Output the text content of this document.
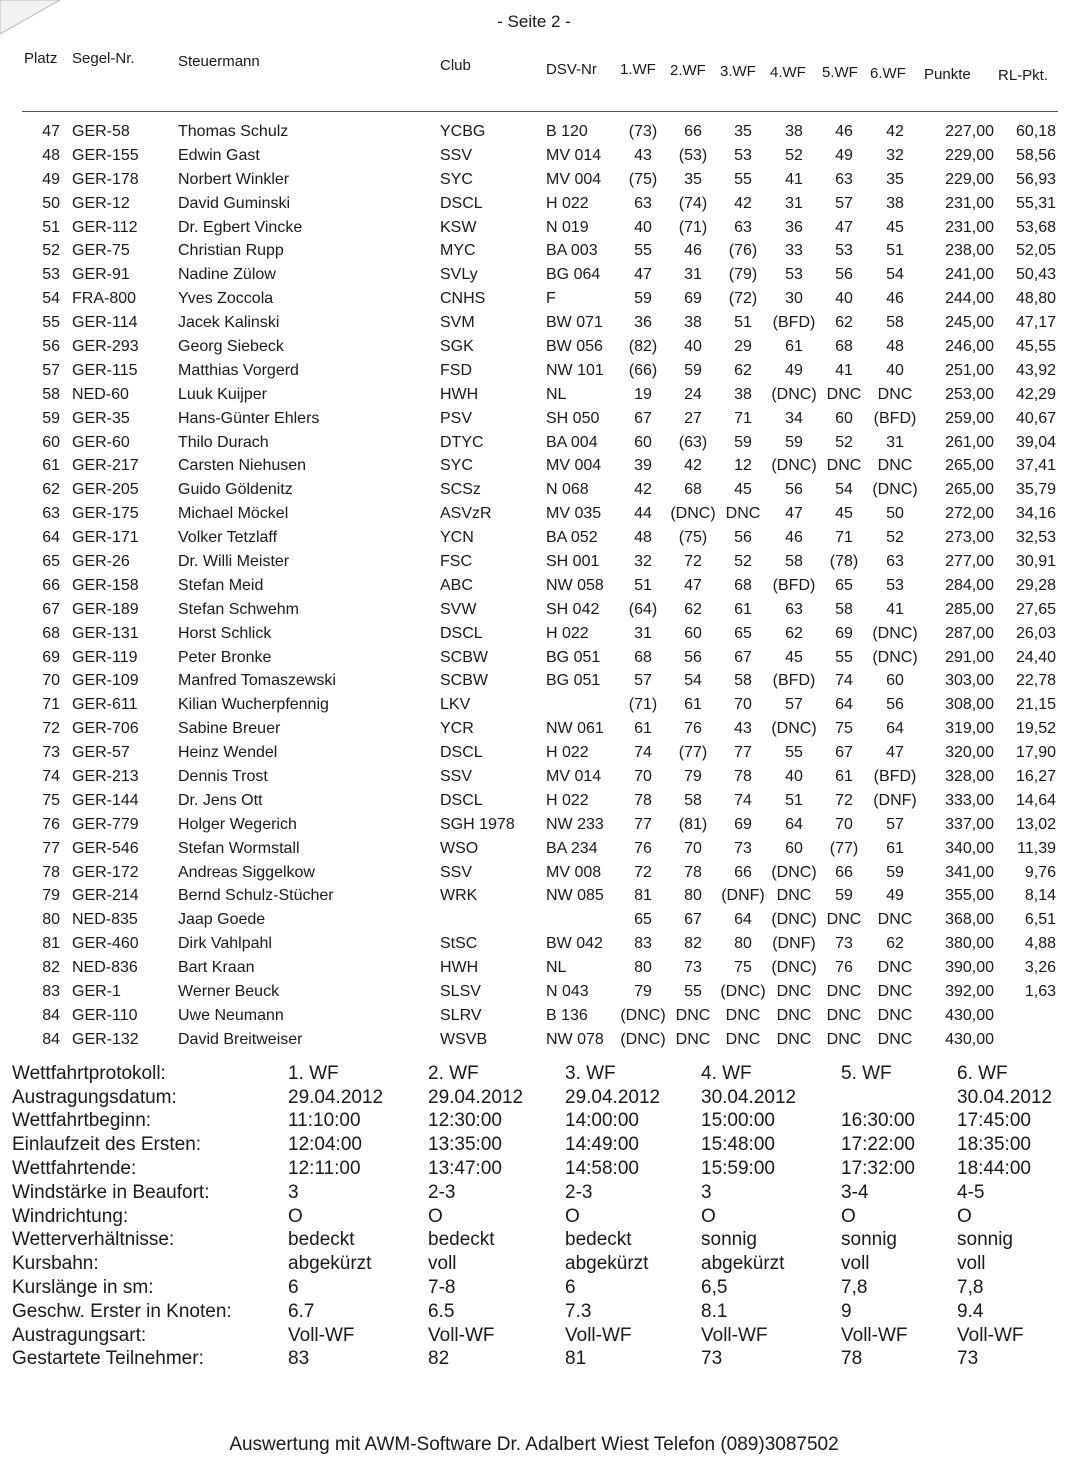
- Seite 2 -
Platz	Segel-Nr.	Steuermann	Club	DSV-Nr	1.WF	2.WF	3.WF	4.WF	5.WF	6.WF	Punkte	RL-Pkt.
47	GER-58	Thomas Schulz	YCBG	B 120	(73)	66	35	38	46	42	227,00	60,18
48	GER-155	Edwin Gast	SSV	MV 014	43	(53)	53	52	49	32	229,00	58,56
49	GER-178	Norbert Winkler	SYC	MV 004	(75)	35	55	41	63	35	229,00	56,93
50	GER-12	David Guminski	DSCL	H 022	63	(74)	42	31	57	38	231,00	55,31
51	GER-112	Dr. Egbert Vincke	KSW	N 019	40	(71)	63	36	47	45	231,00	53,68
52	GER-75	Christian Rupp	MYC	BA 003	55	46	(76)	33	53	51	238,00	52,05
53	GER-91	Nadine Zülow	SVLy	BG 064	47	31	(79)	53	56	54	241,00	50,43
54	FRA-800	Yves Zoccola	CNHS	F	59	69	(72)	30	40	46	244,00	48,80
55	GER-114	Jacek Kalinski	SVM	BW 071	36	38	51	(BFD)	62	58	245,00	47,17
56	GER-293	Georg Siebeck	SGK	BW 056	(82)	40	29	61	68	48	246,00	45,55
57	GER-115	Matthias Vorgerd	FSD	NW 101	(66)	59	62	49	41	40	251,00	43,92
58	NED-60	Luuk Kuijper	HWH	NL	19	24	38	(DNC)	DNC	DNC	253,00	42,29
59	GER-35	Hans-Günter Ehlers	PSV	SH 050	67	27	71	34	60	(BFD)	259,00	40,67
60	GER-60	Thilo Durach	DTYC	BA 004	60	(63)	59	59	52	31	261,00	39,04
61	GER-217	Carsten Niehusen	SYC	MV 004	39	42	12	(DNC)	DNC	DNC	265,00	37,41
62	GER-205	Guido Göldenitz	SCSz	N 068	42	68	45	56	54	(DNC)	265,00	35,79
63	GER-175	Michael Möckel	ASVzR	MV 035	44	(DNC)	DNC	47	45	50	272,00	34,16
64	GER-171	Volker Tetzlaff	YCN	BA 052	48	(75)	56	46	71	52	273,00	32,53
65	GER-26	Dr. Willi Meister	FSC	SH 001	32	72	52	58	(78)	63	277,00	30,91
66	GER-158	Stefan Meid	ABC	NW 058	51	47	68	(BFD)	65	53	284,00	29,28
67	GER-189	Stefan Schwehm	SVW	SH 042	(64)	62	61	63	58	41	285,00	27,65
68	GER-131	Horst Schlick	DSCL	H 022	31	60	65	62	69	(DNC)	287,00	26,03
69	GER-119	Peter Bronke	SCBW	BG 051	68	56	67	45	55	(DNC)	291,00	24,40
70	GER-109	Manfred Tomaszewski	SCBW	BG 051	57	54	58	(BFD)	74	60	303,00	22,78
71	GER-611	Kilian Wucherpfennig	LKV		(71)	61	70	57	64	56	308,00	21,15
72	GER-706	Sabine Breuer	YCR	NW 061	61	76	43	(DNC)	75	64	319,00	19,52
73	GER-57	Heinz Wendel	DSCL	H 022	74	(77)	77	55	67	47	320,00	17,90
74	GER-213	Dennis Trost	SSV	MV 014	70	79	78	40	61	(BFD)	328,00	16,27
75	GER-144	Dr. Jens Ott	DSCL	H 022	78	58	74	51	72	(DNF)	333,00	14,64
76	GER-779	Holger Wegerich	SGH 1978	NW 233	77	(81)	69	64	70	57	337,00	13,02
77	GER-546	Stefan Wormstall	WSO	BA 234	76	70	73	60	(77)	61	340,00	11,39
78	GER-172	Andreas Siggelkow	SSV	MV 008	72	78	66	(DNC)	66	59	341,00	9,76
79	GER-214	Bernd Schulz-Stücher	WRK	NW 085	81	80	(DNF)	DNC	59	49	355,00	8,14
80	NED-835	Jaap Goede			65	67	64	(DNC)	DNC	DNC	368,00	6,51
81	GER-460	Dirk Vahlpahl	StSC	BW 042	83	82	80	(DNF)	73	62	380,00	4,88
82	NED-836	Bart Kraan	HWH	NL	80	73	75	(DNC)	76	DNC	390,00	3,26
83	GER-1	Werner Beuck	SLSV	N 043	79	55	(DNC)	DNC	DNC	DNC	392,00	1,63
84	GER-110	Uwe Neumann	SLRV	B 136	(DNC)	DNC	DNC	DNC	DNC	DNC	430,00	
84	GER-132	David Breitweiser	WSVB	NW 078	(DNC)	DNC	DNC	DNC	DNC	DNC	430,00	
Wettfahrtprotokoll:	1. WF	2. WF	3. WF	4. WF	5. WF	6. WF
Austragungsdatum:	29.04.2012	29.04.2012	29.04.2012	30.04.2012		30.04.2012
Wettfahrtbeginn:	11:10:00	12:30:00	14:00:00	15:00:00	16:30:00	17:45:00
Einlaufzeit des Ersten:	12:04:00	13:35:00	14:49:00	15:48:00	17:22:00	18:35:00
Wettfahrtende:	12:11:00	13:47:00	14:58:00	15:59:00	17:32:00	18:44:00
Windstärke in Beaufort:	3	2-3	2-3	3	3-4	4-5
Windrichtung:	O	O	O	O	O	O
Wetterverhältnisse:	bedeckt	bedeckt	bedeckt	sonnig	sonnig	sonnig
Kursbahn:	abgekürzt	voll	abgekürzt	abgekürzt	voll	voll
Kurslänge in sm:	6	7-8	6	6,5	7,8	7,8
Geschw. Erster in Knoten:	6.7	6.5	7.3	8.1	9	9.4
Austragungsart:	Voll-WF	Voll-WF	Voll-WF	Voll-WF	Voll-WF	Voll-WF
Gestartete Teilnehmer:	83	82	81	73	78	73
Auswertung mit AWM-Software Dr. Adalbert Wiest Telefon (089)3087502
